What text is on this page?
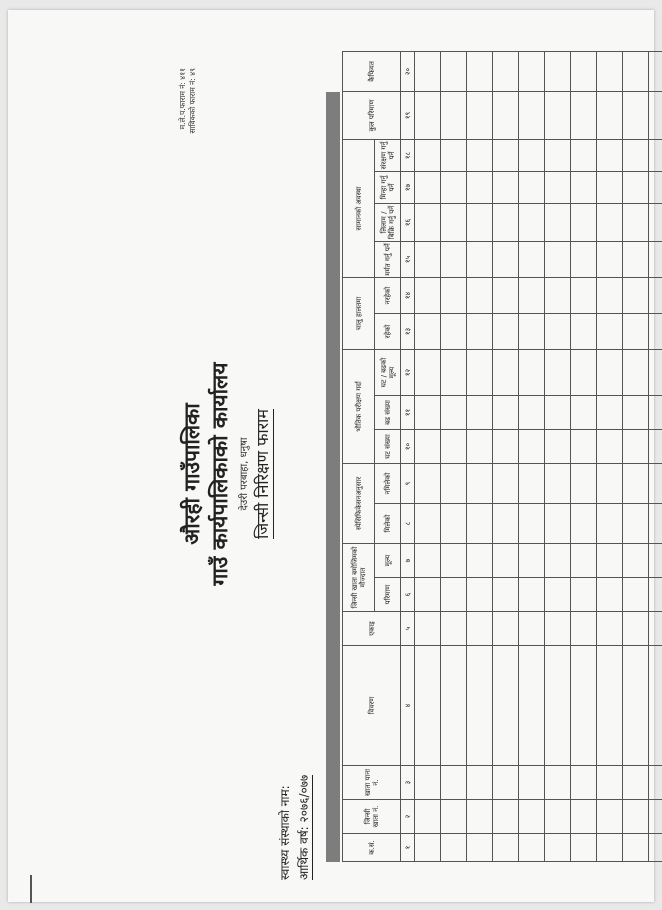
औरही गाउँपालिका गाउँ कार्यपालिकाको कार्यालय देउरी परबाहा, धनुषा जिन्सी निरिक्षण फाराम
स्वास्थ्य संस्थाको नाम: आर्थिक वर्ष: २०७६/०७७
म.ले.प.फाराम नं: ४११ साविकको फाराम नं: ४९
क.सं.	जिन्सी खाता नं.	खाता पाना नं.	विवरण	एकाइ	जिन्सी खाता बमोजिमको मौज्दात		स्पेसिफिकेसनअनुसार		भौतिक परीक्षण गर्दा			चालु हालतमा		सामानको अवस्था				कुल परिमाण	कैफियत
					परिमाण	मूल्य	मिलेको	नमिलेको	घट संख्या	बढ संख्या	घट / बढको मूल्य	रहेको	नरहेको	मर्मत गर्नु पर्ने	लिलाम / बिक्रि गर्नु पर्ने	मिन्हा गर्नु पर्ने	संरक्षण गर्नु पर्ने		
१	२	३	४	५	६	७	८	९	१०	११	१२	१३	१४	१५	१६	१७	१८	१९	२०
